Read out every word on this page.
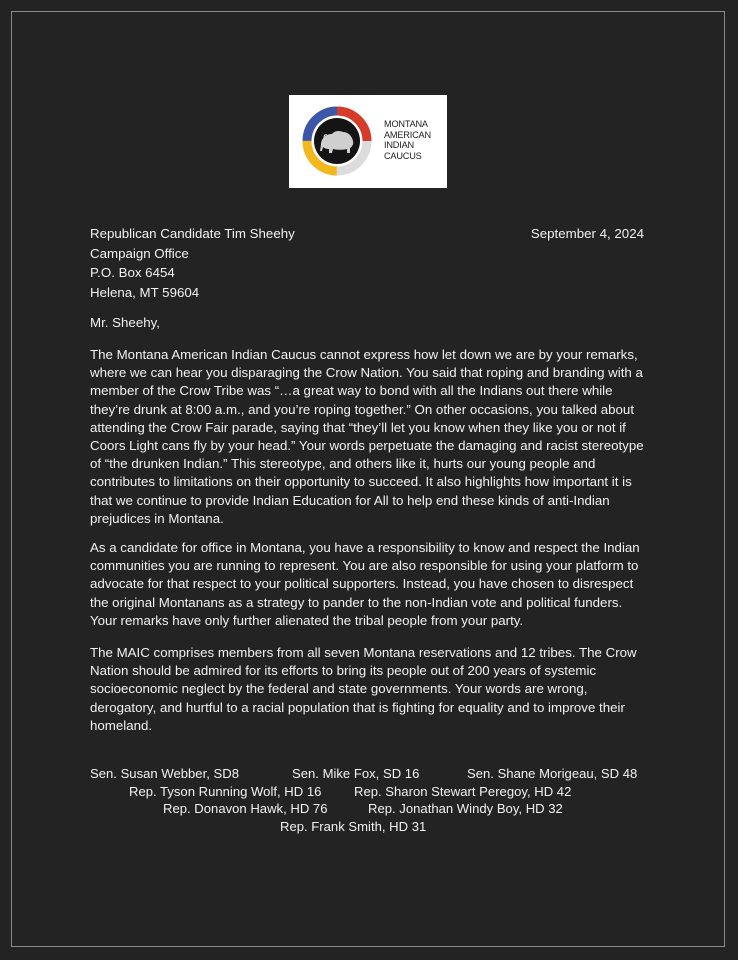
MONTANA
AMERICAN
INDIAN
CAUCUS
Republican Candidate Tim Sheehy
Campaign Office
P.O. Box 6454
Helena, MT 59604
September 4, 2024
Mr. Sheehy,
The Montana American Indian Caucus cannot express how let down we are by your remarks,
where we can hear you disparaging the Crow Nation. You said that roping and branding with a
member of the Crow Tribe was “…a great way to bond with all the Indians out there while
they’re drunk at 8:00 a.m., and you’re roping together.” On other occasions, you talked about
attending the Crow Fair parade, saying that “they’ll let you know when they like you or not if
Coors Light cans fly by your head.” Your words perpetuate the damaging and racist stereotype
of “the drunken Indian.” This stereotype, and others like it, hurts our young people and
contributes to limitations on their opportunity to succeed. It also highlights how important it is
that we continue to provide Indian Education for All to help end these kinds of anti-Indian
prejudices in Montana.
As a candidate for office in Montana, you have a responsibility to know and respect the Indian
communities you are running to represent. You are also responsible for using your platform to
advocate for that respect to your political supporters. Instead, you have chosen to disrespect
the original Montanans as a strategy to pander to the non-Indian vote and political funders.
Your remarks have only further alienated the tribal people from your party.
The MAIC comprises members from all seven Montana reservations and 12 tribes. The Crow
Nation should be admired for its efforts to bring its people out of 200 years of systemic
socioeconomic neglect by the federal and state governments. Your words are wrong,
derogatory, and hurtful to a racial population that is fighting for equality and to improve their
homeland.
Sen. Susan Webber, SD8	Sen. Mike Fox, SD 16	Sen. Shane Morigeau, SD 48
Rep. Tyson Running Wolf, HD 16 Rep. Sharon Stewart Peregoy, HD 42
Rep. Donavon Hawk, HD 76	Rep. Jonathan Windy Boy, HD 32
Rep. Frank Smith, HD 31
